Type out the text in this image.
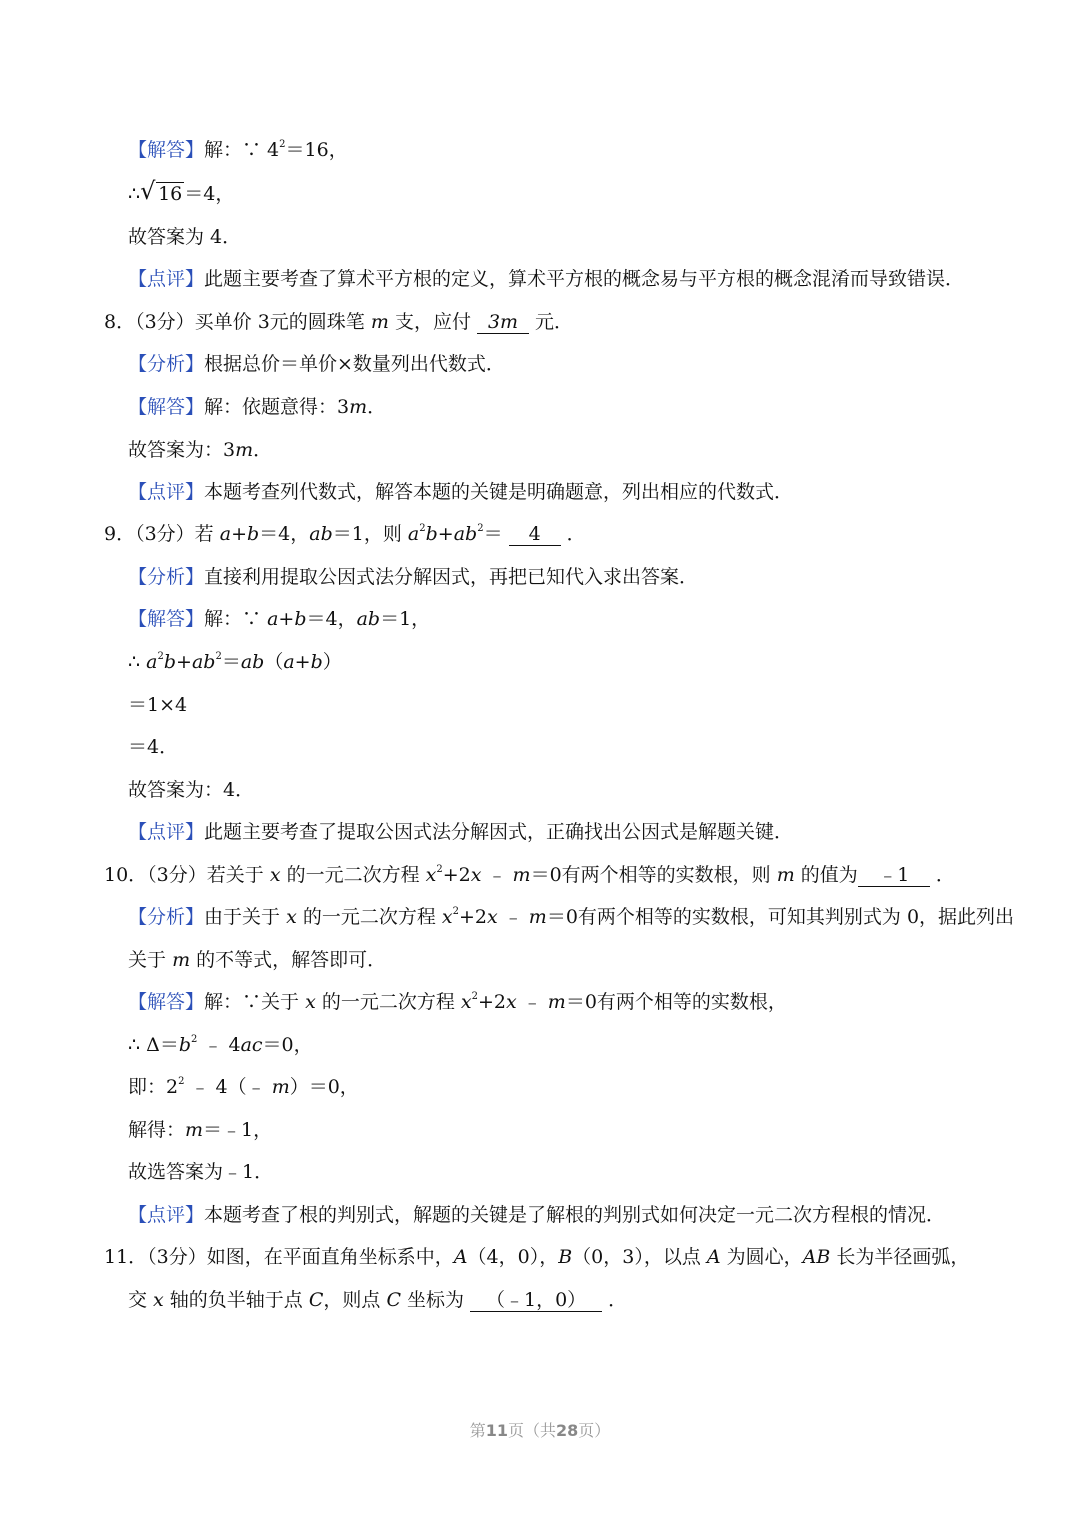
【解答】解：∵ $4^2=16$，
∴ √ 16 ＝4，
故答案为 4．
【点评】此题主要考查了算术平方根的定义，算术平方根的概念易与平方根的概念混淆而导致错误．
8．（3分）买单价 3元的圆珠笔 m 支，应付 3m 元．
【分析】根据总价＝单价×数量列出代数式．
【解答】解：依题意得：3m．
故答案为：3m．
【点评】本题考查列代数式，解答本题的关键是明确题意，列出相应的代数式．
9．（3分）若 a+b＝4，ab＝1，则 $a^2b+ab^2= 4$ ．
【分析】直接利用提取公因式法分解因式，再把已知代入求出答案．
【解答】解：∵ a+b＝4，ab＝1，
∴ $a^2b+ab^2=ab(a+b)$
＝1×4
＝4．
故答案为：4．
【点评】此题主要考查了提取公因式法分解因式，正确找出公因式是解题关键．
10．（3分）若关于 x 的一元二次方程 $x^2+2x$ ﹣ m＝0有两个相等的实数根，则 m 的值为 ﹣1 ．
【分析】由于关于 x 的一元二次方程 $x^2+2x$ ﹣ m＝0有两个相等的实数根，可知其判别式为 0，据此列出
关于 m 的不等式，解答即可．
【解答】解：∵关于 x 的一元二次方程 $x^2+2x$ ﹣ m＝0有两个相等的实数根，
∴ $\Delta=b^2$ ﹣ 4ac＝0，
即：$2^2$ ﹣ 4（﹣ m）＝0，
解得：m＝﹣1，
故选答案为﹣1．
【点评】本题考查了根的判别式，解题的关键是了解根的判别式如何决定一元二次方程根的情况．
11．（3分）如图，在平面直角坐标系中，A（4，0），B（0，3），以点 A 为圆心，AB 长为半径画弧，
交 x 轴的负半轴于点 C，则点 C 坐标为 （﹣1，0） ．
第11页（共28页）
